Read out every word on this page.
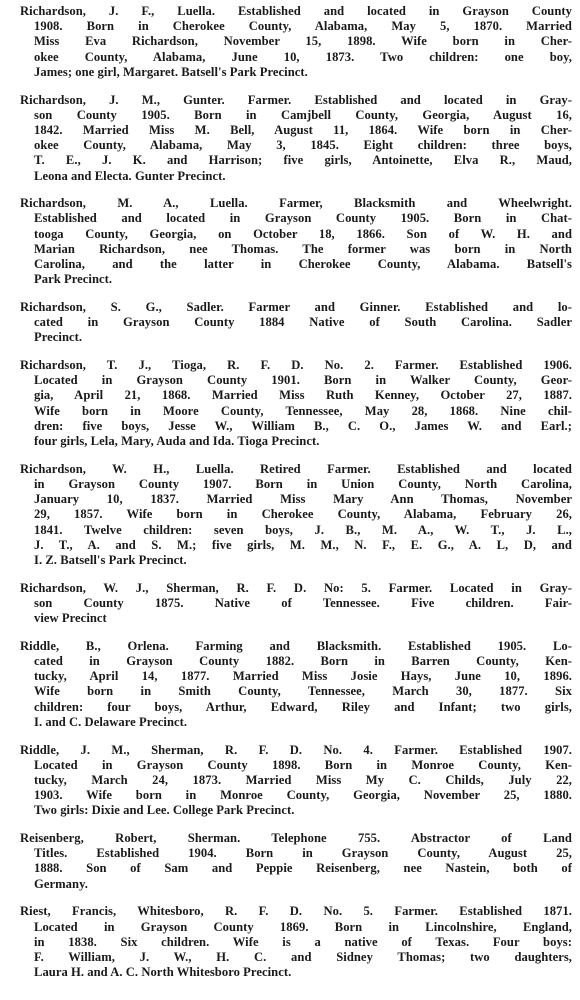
Richardson, J. F., Luella. Established and located in Grayson County
1908. Born in Cherokee County, Alabama, May 5, 1870. Married
Miss Eva Richardson, November 15, 1898. Wife born in Cher-
okee County, Alabama, June 10, 1873. Two children: one boy,
James; one girl, Margaret. Batsell's Park Precinct.
Richardson, J. M., Gunter. Farmer. Established and located in Gray-
son County 1905. Born in Camjbell County, Georgia, August 16,
1842. Married Miss M. Bell, August 11, 1864. Wife born in Cher-
okee County, Alabama, May 3, 1845. Eight children: three boys,
T. E., J. K. and Harrison; five girls, Antoinette, Elva R., Maud,
Leona and Electa. Gunter Precinct.
Richardson, M. A., Luella. Farmer, Blacksmith and Wheelwright.
Established and located in Grayson County 1905. Born in Chat-
tooga County, Georgia, on October 18, 1866. Son of W. H. and
Marian Richardson, nee Thomas. The former was born in North
Carolina, and the latter in Cherokee County, Alabama. Batsell's
Park Precinct.
Richardson, S. G., Sadler. Farmer and Ginner. Established and lo-
cated in Grayson County 1884 Native of South Carolina. Sadler
Precinct.
Richardson, T. J., Tioga, R. F. D. No. 2. Farmer. Established 1906.
Located in Grayson County 1901. Born in Walker County, Geor-
gia, April 21, 1868. Married Miss Ruth Kenney, October 27, 1887.
Wife born in Moore County, Tennessee, May 28, 1868. Nine chil-
dren: five boys, Jesse W., William B., C. O., James W. and Earl.;
four girls, Lela, Mary, Auda and Ida. Tioga Precinct.
Richardson, W. H., Luella. Retired Farmer. Established and located
in Grayson County 1907. Born in Union County, North Carolina,
January 10, 1837. Married Miss Mary Ann Thomas, November
29, 1857. Wife born in Cherokee County, Alabama, February 26,
1841. Twelve children: seven boys, J. B., M. A., W. T., J. L.,
J. T., A. and S. M.; five girls, M. M., N. F., E. G., A. L, D, and
I. Z. Batsell's Park Precinct.
Richardson, W. J., Sherman, R. F. D. No: 5. Farmer. Located in Gray-
son County 1875. Native of Tennessee. Five children. Fair-
view Precinct
Riddle, B., Orlena. Farming and Blacksmith. Established 1905. Lo-
cated in Grayson County 1882. Born in Barren County, Ken-
tucky, April 14, 1877. Married Miss Josie Hays, June 10, 1896.
Wife born in Smith County, Tennessee, March 30, 1877. Six
children: four boys, Arthur, Edward, Riley and Infant; two girls,
I. and C. Delaware Precinct.
Riddle, J. M., Sherman, R. F. D. No. 4. Farmer. Established 1907.
Located in Grayson County 1898. Born in Monroe County, Ken-
tucky, March 24, 1873. Married Miss My C. Childs, July 22,
1903. Wife born in Monroe County, Georgia, November 25, 1880.
Two girls: Dixie and Lee. College Park Precinct.
Reisenberg, Robert, Sherman. Telephone 755. Abstractor of Land
Titles. Established 1904. Born in Grayson County, August 25,
1888. Son of Sam and Peppie Reisenberg, nee Nastein, both of
Germany.
Riest, Francis, Whitesboro, R. F. D. No. 5. Farmer. Established 1871.
Located in Grayson County 1869. Born in Lincolnshire, England,
in 1838. Six children. Wife is a native of Texas. Four boys:
F. William, J. W., H. C. and Sidney Thomas; two daughters,
Laura H. and A. C. North Whitesboro Precinct.
